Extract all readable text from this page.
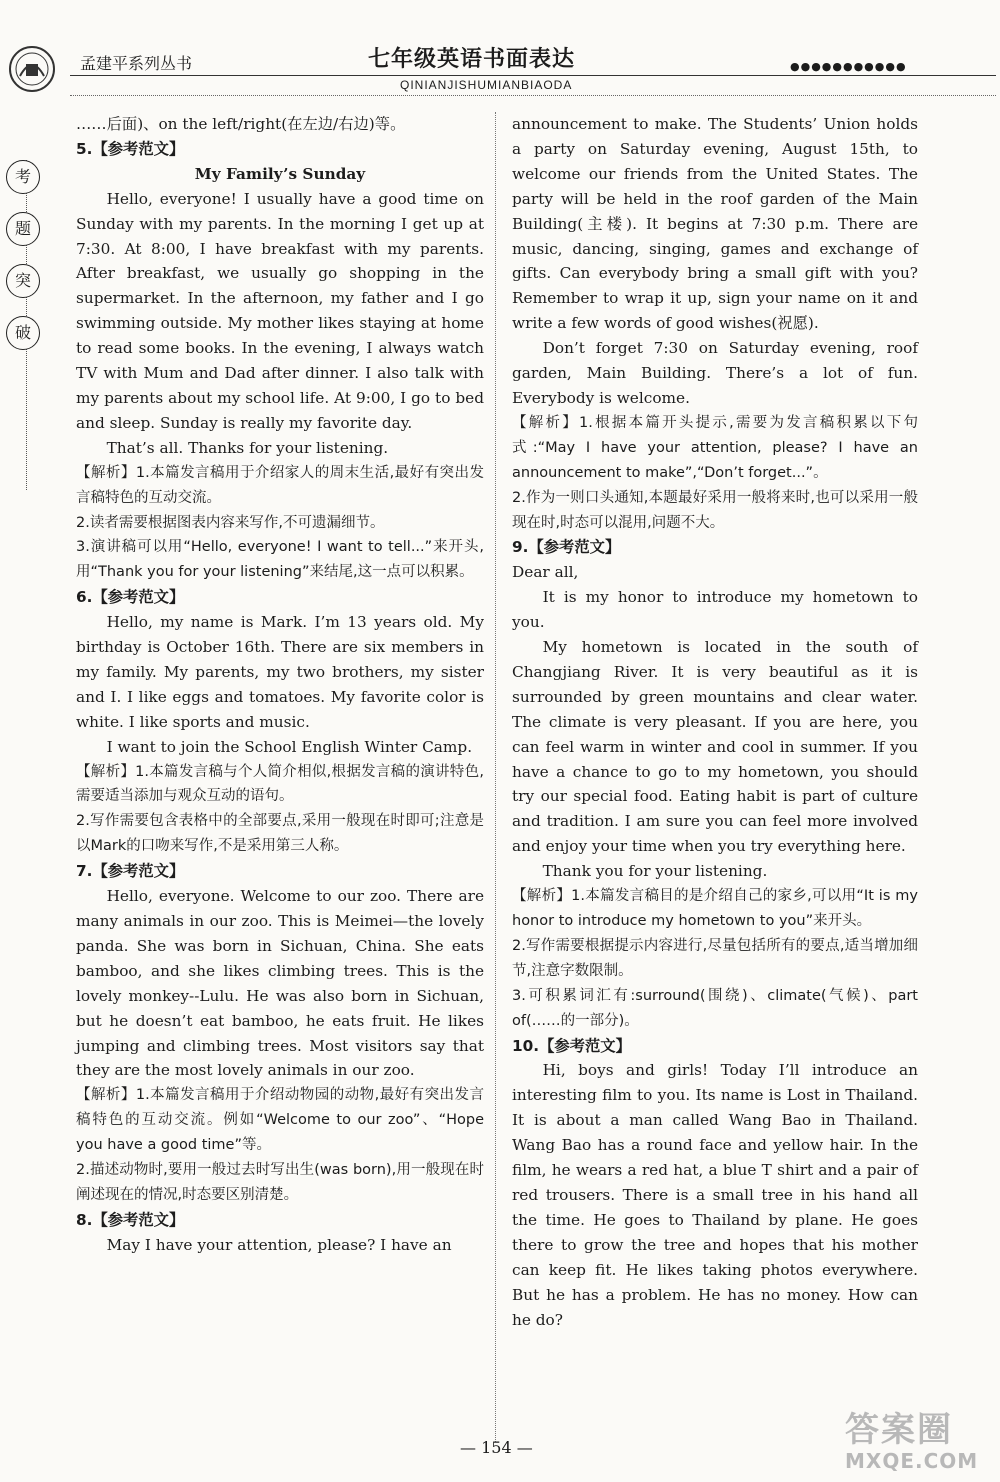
孟建平系列丛书	七年级英语书面表达	●●●●●●●●●●●
QINIANJISHUMIANBIAODA
考
题
突
破

……后面)、on the left/right(在左边/右边)等。

5.【参考范文】

My Family’s Sunday

Hello, everyone! I usually have a good time on Sunday with my parents. In the morning I get up at 7:30. At 8:00, I have breakfast with my parents. After breakfast, we usually go shopping in the supermarket. In the afternoon, my father and I go swimming outside. My mother likes staying at home to read some books. In the evening, I always watch TV with Mum and Dad after dinner. I also talk with my parents about my school life. At 9:00, I go to bed and sleep. Sunday is really my favorite day.

That’s all. Thanks for your listening.

【解析】1.本篇发言稿用于介绍家人的周末生活,最好有突出发言稿特色的互动交流。

2.读者需要根据图表内容来写作,不可遗漏细节。

3.演讲稿可以用“Hello, everyone! I want to tell...”来开头,用“Thank you for your listening”来结尾,这一点可以积累。

6.【参考范文】

Hello, my name is Mark. I’m 13 years old. My birthday is October 16th. There are six members in my family. My parents, my two brothers, my sister and I. I like eggs and tomatoes. My favorite color is white. I like sports and music.

I want to join the School English Winter Camp.

【解析】1.本篇发言稿与个人简介相似,根据发言稿的演讲特色,需要适当添加与观众互动的语句。

2.写作需要包含表格中的全部要点,采用一般现在时即可;注意是以Mark的口吻来写作,不是采用第三人称。

7.【参考范文】

Hello, everyone. Welcome to our zoo. There are many animals in our zoo. This is Meimei—the lovely panda. She was born in Sichuan, China. She eats bamboo, and she likes climbing trees. This is the lovely monkey--Lulu. He was also born in Sichuan, but he doesn’t eat bamboo, he eats fruit. He likes jumping and climbing trees. Most visitors say that they are the most lovely animals in our zoo.

【解析】1.本篇发言稿用于介绍动物园的动物,最好有突出发言稿特色的互动交流。例如“Welcome to our zoo”、“Hope you have a good time”等。

2.描述动物时,要用一般过去时写出生(was born),用一般现在时阐述现在的情况,时态要区别清楚。

8.【参考范文】

May I have your attention, please? I have an

announcement to make. The Students’ Union holds a party on Saturday evening, August 15th, to welcome our friends from the United States. The party will be held in the roof garden of the Main Building(主楼). It begins at 7:30 p.m. There are music, dancing, singing, games and exchange of gifts. Can everybody bring a small gift with you? Remember to wrap it up, sign your name on it and write a few words of good wishes(祝愿).

Don’t forget 7:30 on Saturday evening, roof garden, Main Building. There’s a lot of fun. Everybody is welcome.

【解析】1.根据本篇开头提示,需要为发言稿积累以下句式:“May I have your attention, please? I have an announcement to make”,“Don’t forget...”。

2.作为一则口头通知,本题最好采用一般将来时,也可以采用一般现在时,时态可以混用,问题不大。

9.【参考范文】

Dear all,

It is my honor to introduce my hometown to you.

My hometown is located in the south of Changjiang River. It is very beautiful as it is surrounded by green mountains and clear water. The climate is very pleasant. If you are here, you can feel warm in winter and cool in summer. If you have a chance to go to my hometown, you should try our special food. Eating habit is part of culture and tradition. I am sure you can feel more involved and enjoy your time when you try everything here.

Thank you for your listening.

【解析】1.本篇发言稿目的是介绍自己的家乡,可以用“It is my honor to introduce my hometown to you”来开头。

2.写作需要根据提示内容进行,尽量包括所有的要点,适当增加细节,注意字数限制。

3.可积累词汇有:surround(围绕)、climate(气候)、part of(……的一部分)。

10.【参考范文】

Hi, boys and girls! Today I’ll introduce an interesting film to you. Its name is Lost in Thailand. It is about a man called Wang Bao in Thailand. Wang Bao has a round face and yellow hair. In the film, he wears a red hat, a blue T shirt and a pair of red trousers. There is a small tree in his hand all the time. He goes to Thailand by plane. He goes there to grow the tree and hopes that his mother can keep fit. He likes taking photos everywhere. But he has a problem. He has no money. How can he do?

— 154 —	答案圈
MXQE.COM
